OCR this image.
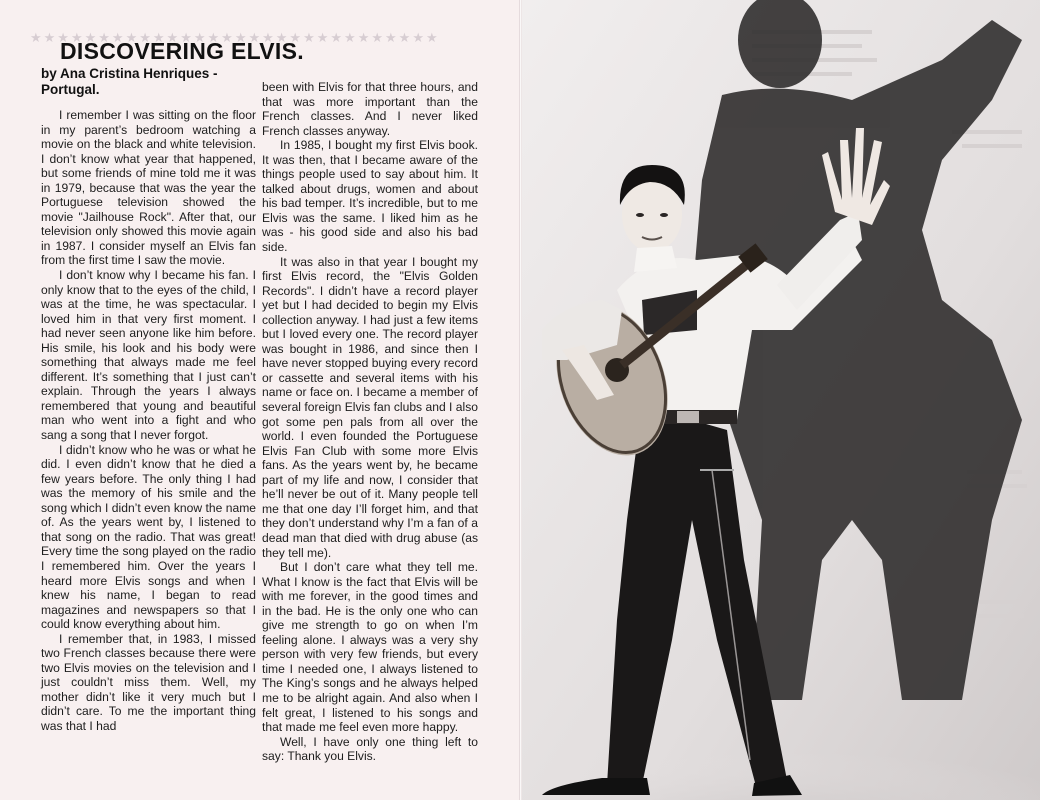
★★★★★★★★★★★★★★★★★★★★★★★★★★★★★★
DISCOVERING ELVIS.
by Ana Cristina Henriques - Portugal.

I remember I was sitting on the floor in my parent’s bedroom watching a movie on the black and white television. I don’t know what year that happened, but some friends of mine told me it was in 1979, because that was the year the Portuguese television showed the movie "Jailhouse Rock". After that, our television only showed this movie again in 1987. I consider myself an Elvis fan from the first time I saw the movie.

I don’t know why I became his fan. I only know that to the eyes of the child, I was at the time, he was spectacular. I loved him in that very first moment. I had never seen anyone like him before. His smile, his look and his body were something that always made me feel different. It’s something that I just can’t explain. Through the years I always remembered that young and beautiful man who went into a fight and who sang a song that I never forgot.

I didn’t know who he was or what he did. I even didn’t know that he died a few years before. The only thing I had was the memory of his smile and the song which I didn’t even know the name of. As the years went by, I listened to that song on the radio. That was great! Every time the song played on the radio I remembered him. Over the years I heard more Elvis songs and when I knew his name, I began to read magazines and newspapers so that I could know everything about him.

I remember that, in 1983, I missed two French classes because there were two Elvis movies on the television and I just couldn’t miss them. Well, my mother didn’t like it very much but I didn’t care. To me the important thing was that I had

been with Elvis for that three hours, and that was more important than the French classes. And I never liked French classes anyway.

In 1985, I bought my first Elvis book. It was then, that I became aware of the things people used to say about him. It talked about drugs, women and about his bad temper. It’s incredible, but to me Elvis was the same. I liked him as he was - his good side and also his bad side.

It was also in that year I bought my first Elvis record, the "Elvis Golden Records". I didn’t have a record player yet but I had decided to begin my Elvis collection anyway. I had just a few items but I loved every one. The record player was bought in 1986, and since then I have never stopped buying every record or cassette and several items with his name or face on. I became a member of several foreign Elvis fan clubs and I also got some pen pals from all over the world. I even founded the Portuguese Elvis Fan Club with some more Elvis fans. As the years went by, he became part of my life and now, I consider that he’ll never be out of it. Many people tell me that one day I’ll forget him, and that they don’t understand why I’m a fan of a dead man that died with drug abuse (as they tell me).

But I don’t care what they tell me. What I know is the fact that Elvis will be with me forever, in the good times and in the bad. He is the only one who can give me strength to go on when I’m feeling alone. I always was a very shy person with very few friends, but every time I needed one, I always listened to The King’s songs and he always helped me to be alright again. And also when I felt great, I listened to his songs and that made me feel even more happy.

Well, I have only one thing left to say: Thank you Elvis.
